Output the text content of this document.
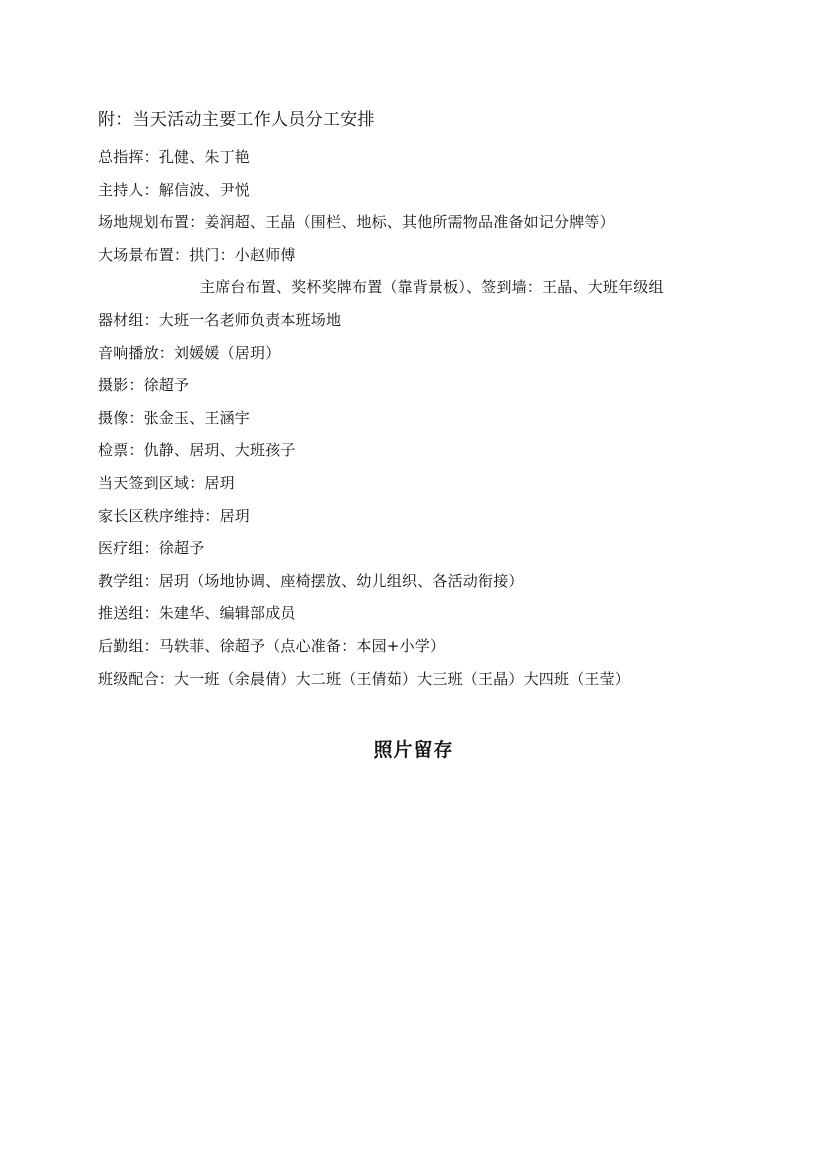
附：当天活动主要工作人员分工安排
总指挥：孔健、朱丁艳
主持人：解信波、尹悦
场地规划布置：姜润超、王晶（围栏、地标、其他所需物品准备如记分牌等）
大场景布置：拱门：小赵师傅
主席台布置、奖杯奖牌布置（靠背景板）、签到墙：王晶、大班年级组
器材组：大班一名老师负责本班场地
音响播放：刘媛媛（居玥）
摄影：徐超予
摄像：张金玉、王涵宇
检票：仇静、居玥、大班孩子
当天签到区域：居玥
家长区秩序维持：居玥
医疗组：徐超予
教学组：居玥（场地协调、座椅摆放、幼儿组织、各活动衔接）
推送组：朱建华、编辑部成员
后勤组：马轶菲、徐超予（点心准备：本园+小学）
班级配合：大一班（余晨倩）大二班（王倩茹）大三班（王晶）大四班（王莹）
照片留存
